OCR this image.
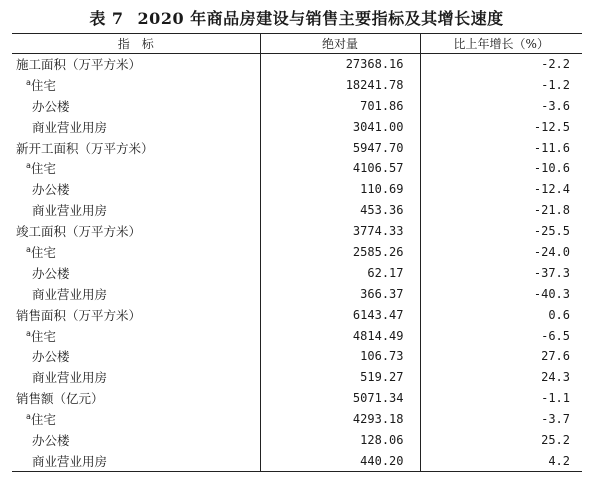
表 7 2020 年商品房建设与销售主要指标及其增长速度
指　标	绝对量	比上年增长（%）
施工面积（万平方米）	27368.16	-2.2
$^a$住宅	18241.78	-1.2
办公楼	701.86	-3.6
商业营业用房	3041.00	-12.5
新开工面积（万平方米）	5947.70	-11.6
$^a$住宅	4106.57	-10.6
办公楼	110.69	-12.4
商业营业用房	453.36	-21.8
竣工面积（万平方米）	3774.33	-25.5
$^a$住宅	2585.26	-24.0
办公楼	62.17	-37.3
商业营业用房	366.37	-40.3
销售面积（万平方米）	6143.47	0.6
$^a$住宅	4814.49	-6.5
办公楼	106.73	27.6
商业营业用房	519.27	24.3
销售额（亿元）	5071.34	-1.1
$^a$住宅	4293.18	-3.7
办公楼	128.06	25.2
商业营业用房	440.20	4.2
